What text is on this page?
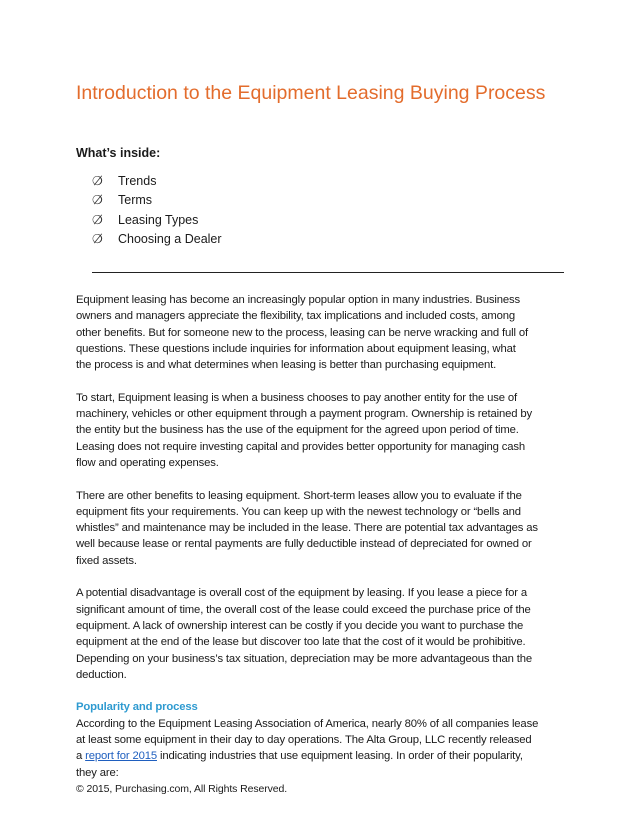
Introduction to the Equipment Leasing Buying Process

What’s inside:

❍̸	Trends
❍̸	Terms
❍̸	Leasing Types
❍̸	Choosing a Dealer

Equipment leasing has become an increasingly popular option in many industries. Business
owners and managers appreciate the flexibility, tax implications and included costs, among
other benefits. But for someone new to the process, leasing can be nerve wracking and full of
questions. These questions include inquiries for information about equipment leasing, what
the process is and what determines when leasing is better than purchasing equipment.

To start, Equipment leasing is when a business chooses to pay another entity for the use of
machinery, vehicles or other equipment through a payment program. Ownership is retained by
the entity but the business has the use of the equipment for the agreed upon period of time.
Leasing does not require investing capital and provides better opportunity for managing cash
flow and operating expenses.

There are other benefits to leasing equipment. Short-term leases allow you to evaluate if the
equipment fits your requirements. You can keep up with the newest technology or “bells and
whistles” and maintenance may be included in the lease. There are potential tax advantages as
well because lease or rental payments are fully deductible instead of depreciated for owned or
fixed assets.

A potential disadvantage is overall cost of the equipment by leasing. If you lease a piece for a
significant amount of time, the overall cost of the lease could exceed the purchase price of the
equipment. A lack of ownership interest can be costly if you decide you want to purchase the
equipment at the end of the lease but discover too late that the cost of it would be prohibitive.
Depending on your business’s tax situation, depreciation may be more advantageous than the
deduction.

Popularity and process
According to the Equipment Leasing Association of America, nearly 80% of all companies lease
at least some equipment in their day to day operations. The Alta Group, LLC recently released
a report for 2015 indicating industries that use equipment leasing. In order of their popularity,
they are:
© 2015, Purchasing.com, All Rights Reserved.
